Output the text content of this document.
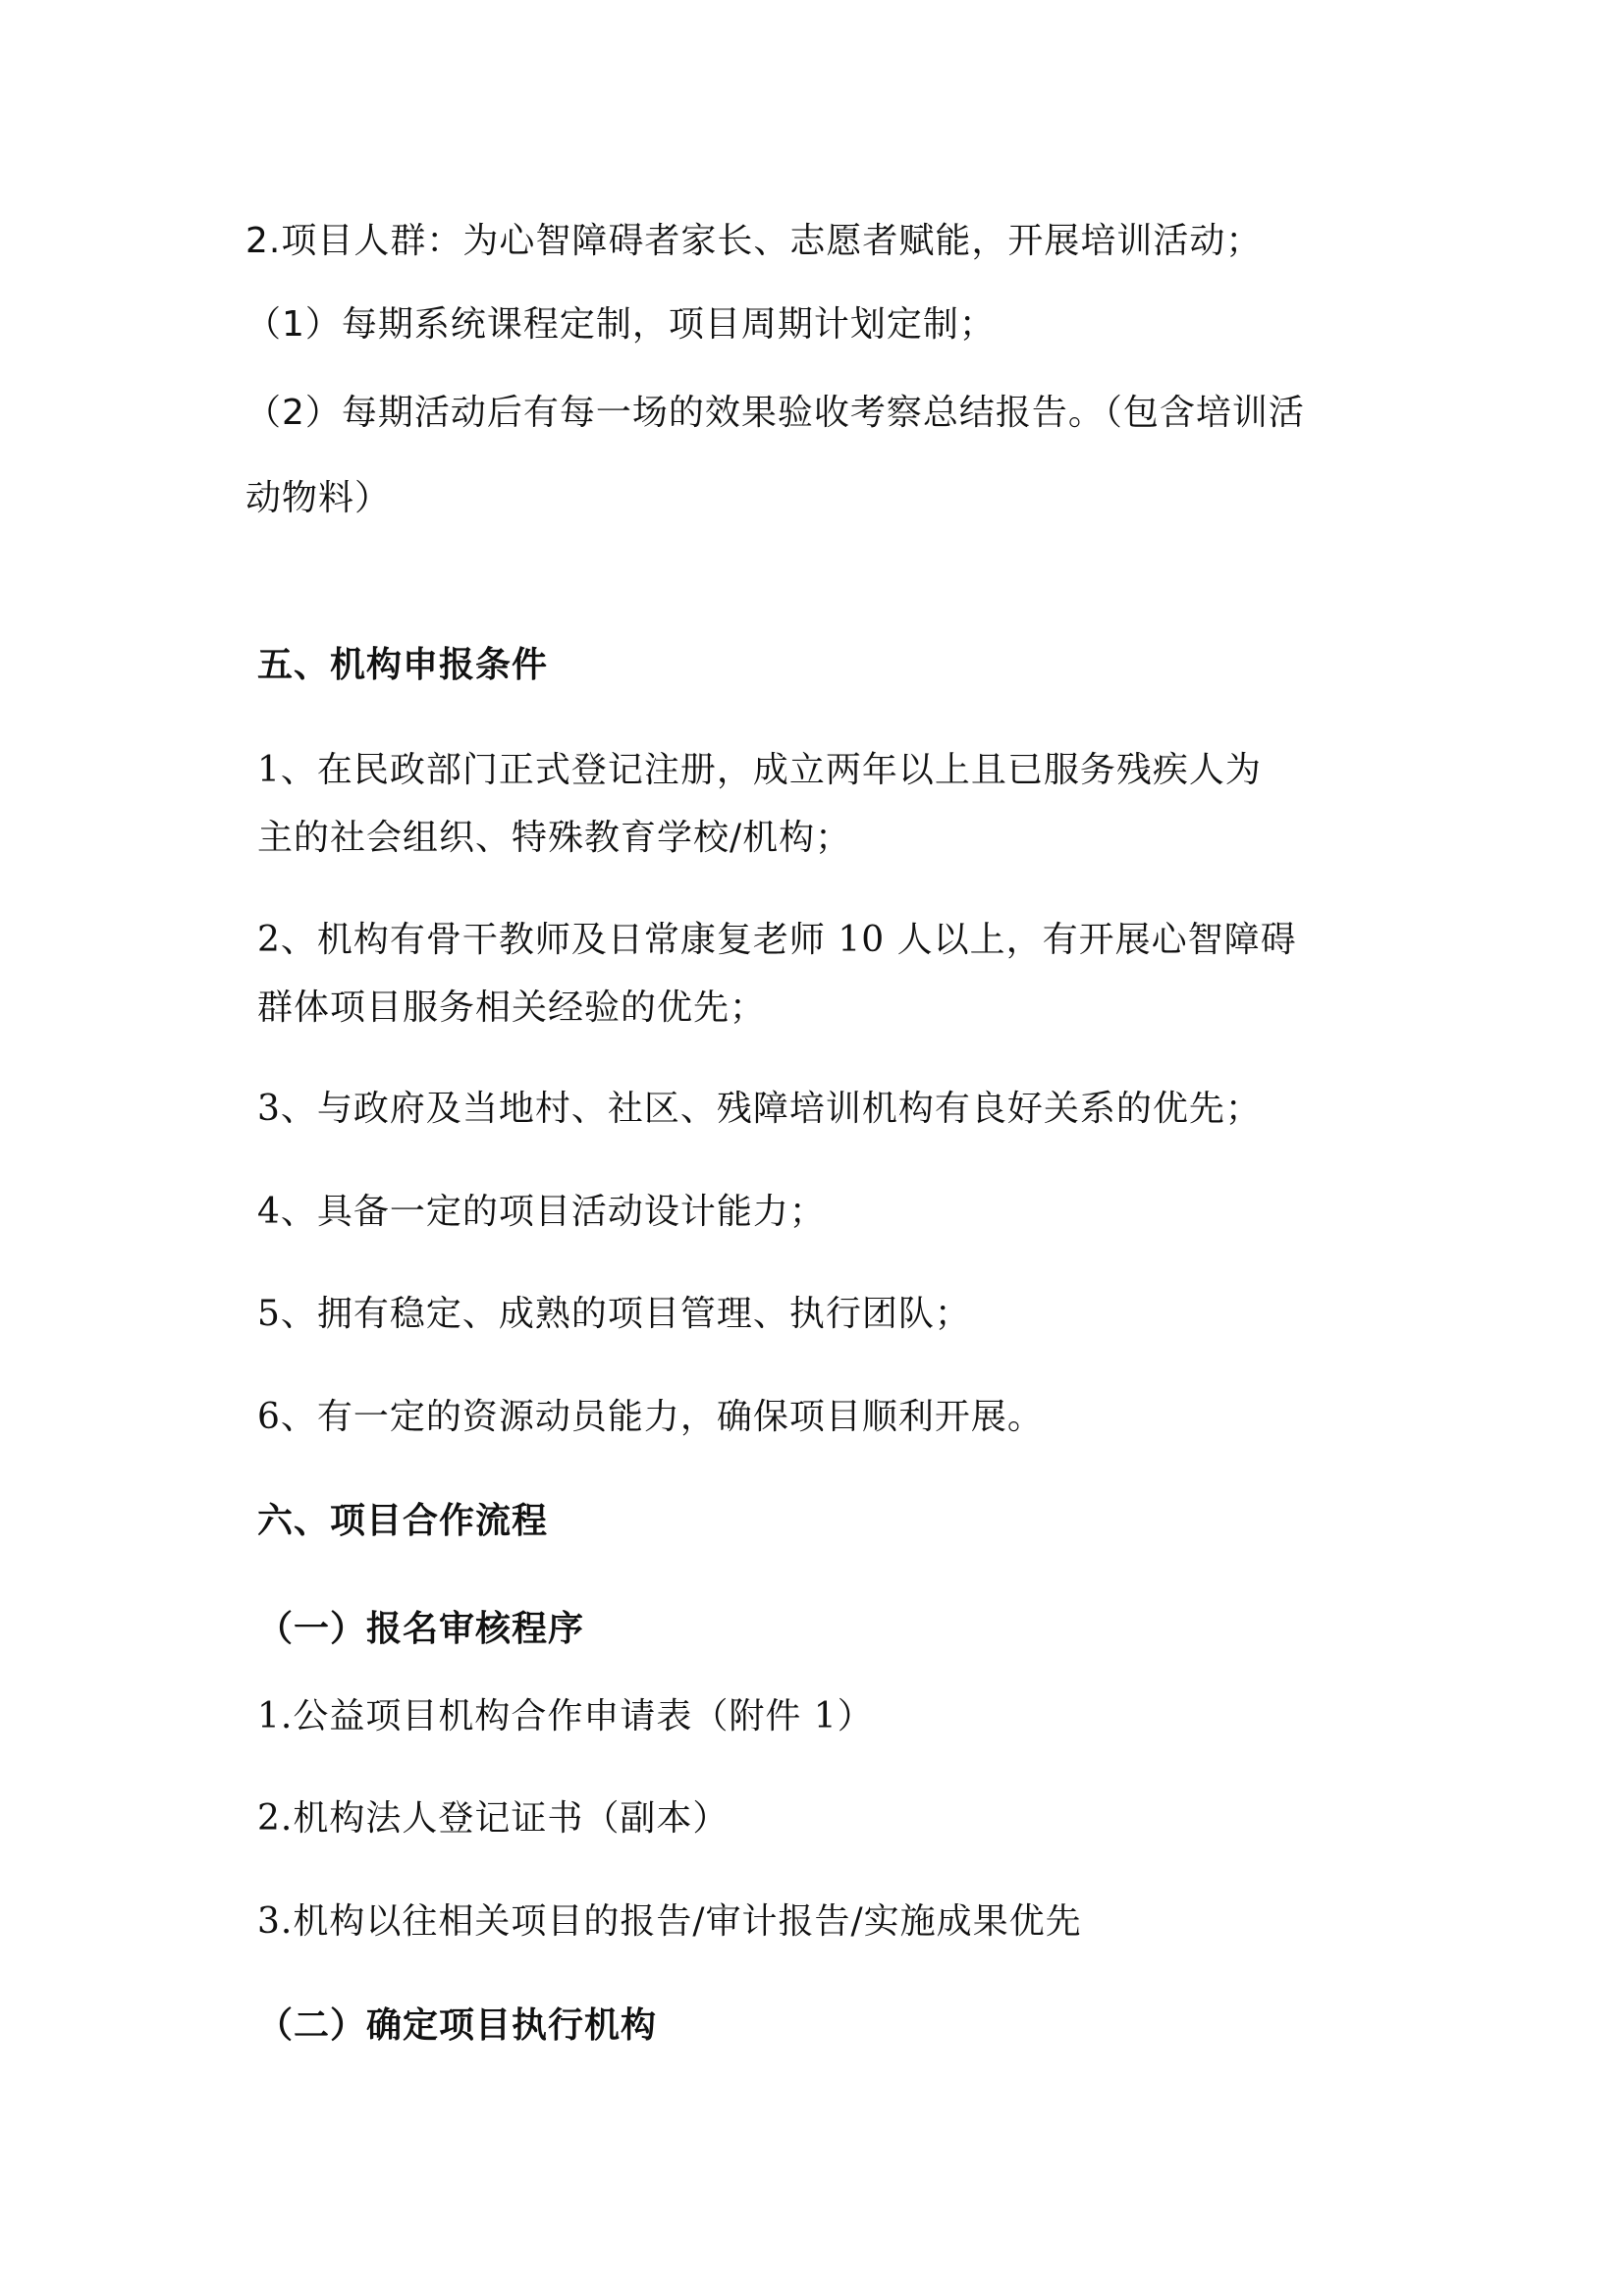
2.项目人群：为心智障碍者家长、志愿者赋能，开展培训活动；
（1）每期系统课程定制，项目周期计划定制；
（2）每期活动后有每一场的效果验收考察总结报告。（包含培训活
动物料）
五、机构申报条件
1、在民政部门正式登记注册，成立两年以上且已服务残疾人为
主的社会组织、特殊教育学校/机构；
2、机构有骨干教师及日常康复老师 10 人以上，有开展心智障碍
群体项目服务相关经验的优先；
3、与政府及当地村、社区、残障培训机构有良好关系的优先；
4、具备一定的项目活动设计能力；
5、拥有稳定、成熟的项目管理、执行团队；
6、有一定的资源动员能力，确保项目顺利开展。
六、项目合作流程
（一）报名审核程序
1.公益项目机构合作申请表（附件 1）
2.机构法人登记证书（副本）
3.机构以往相关项目的报告/审计报告/实施成果优先
（二）确定项目执行机构
